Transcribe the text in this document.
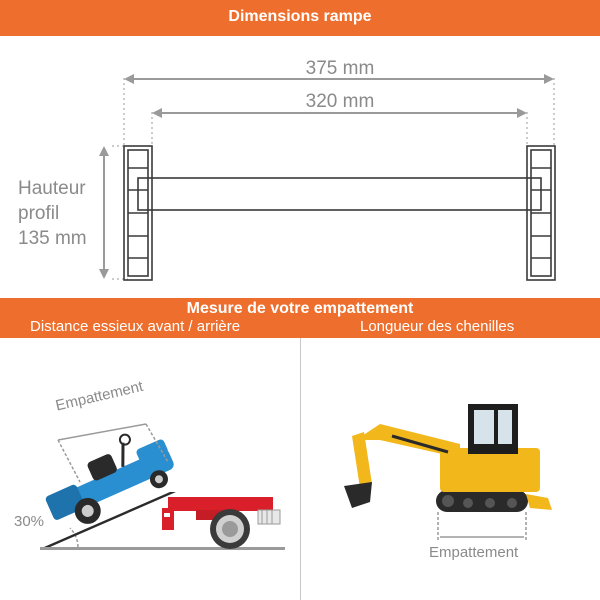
Dimensions rampe
375 mm
320 mm
Hauteur
profil
135 mm
Mesure de votre empattement
Distance essieux avant / arrière	Longueur des chenilles
Empattement
30%
Empattement
